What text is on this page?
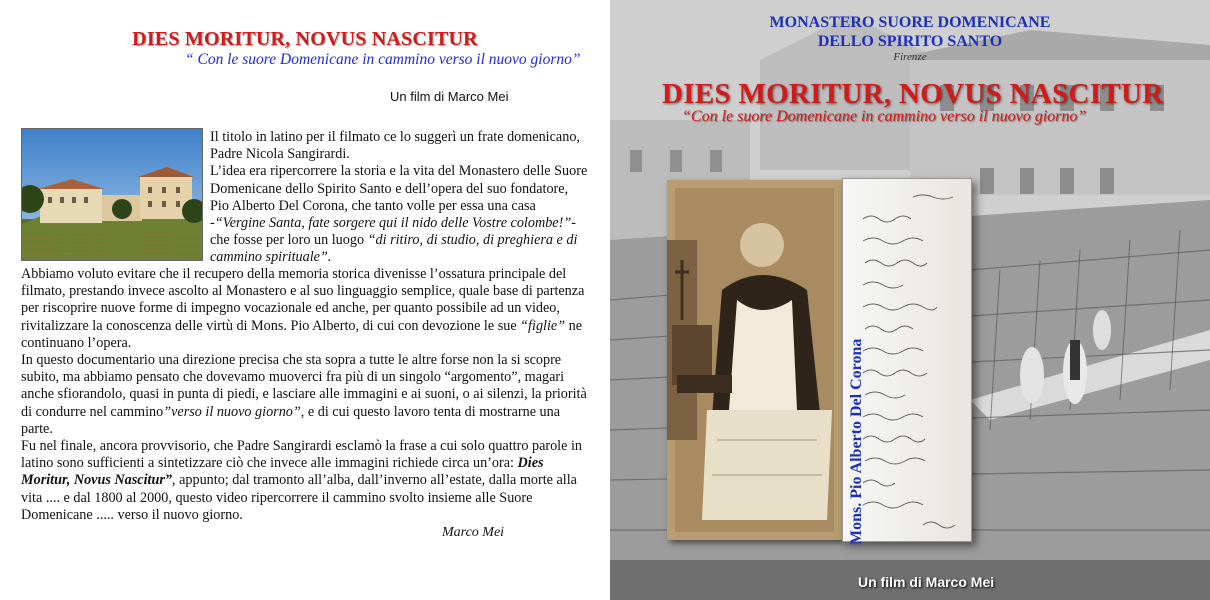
DIES MORITUR, NOVUS NASCITUR
“ Con le suore Domenicane in cammino verso il nuovo giorno”
Un film di Marco Mei

Il titolo in latino per il filmato ce lo suggerì un frate domenicano, Padre Nicola Sangirardi.

L’idea era ripercorrere la storia e la vita del Monastero delle Suore Domenicane dello Spirito Santo e dell’opera del suo fondatore, Pio Alberto Del Corona, che tanto volle per essa una casa -“Vergine Santa, fate sorgere qui il nido delle Vostre colombe!”- che fosse per loro un luogo “di ritiro, di studio, di preghiera e di cammino spirituale”.

Abbiamo voluto evitare che il recupero della memoria storica divenisse l’ossatura principale del filmato, prestando invece ascolto al Monastero e al suo linguaggio semplice, quale base di partenza per riscoprire nuove forme di impegno vocazionale ed anche, per quanto possibile ad un video, rivitalizzare la conoscenza delle virtù di Mons. Pio Alberto, di cui con devozione le sue “figlie” ne continuano l’opera.

In questo documentario una direzione precisa che sta sopra a tutte le altre forse non la si scopre subito, ma abbiamo pensato che dovevamo muoverci fra più di un singolo “argomento”, magari anche sfiorandolo, quasi in punta di piedi, e lasciare alle immagini e ai suoni, o ai silenzi, la priorità di condurre nel cammino”verso il nuovo giorno”, e di cui questo lavoro tenta di mostrarne una parte.

Fu nel finale, ancora provvisorio, che Padre Sangirardi esclamò la frase a cui solo quattro parole in latino sono sufficienti a sintetizzare ciò che invece alle immagini richiede circa un’ora: Dies Moritur, Novus Nascitur”, appunto; dal tramonto all’alba, dall’inverno all’estate, dalla morte alla vita .... e dal 1800 al 2000, questo video ripercorrere il cammino svolto insieme alle Suore Domenicane ..... verso il nuovo giorno.

Marco Mei
MONASTERO SUORE DOMENICANE
DELLO SPIRITO SANTO
Firenze
DIES MORITUR, NOVUS NASCITUR
“Con le suore Domenicane in cammino verso il nuovo giorno”
Mons. Pio Alberto Del Corona
Un film di Marco Mei
